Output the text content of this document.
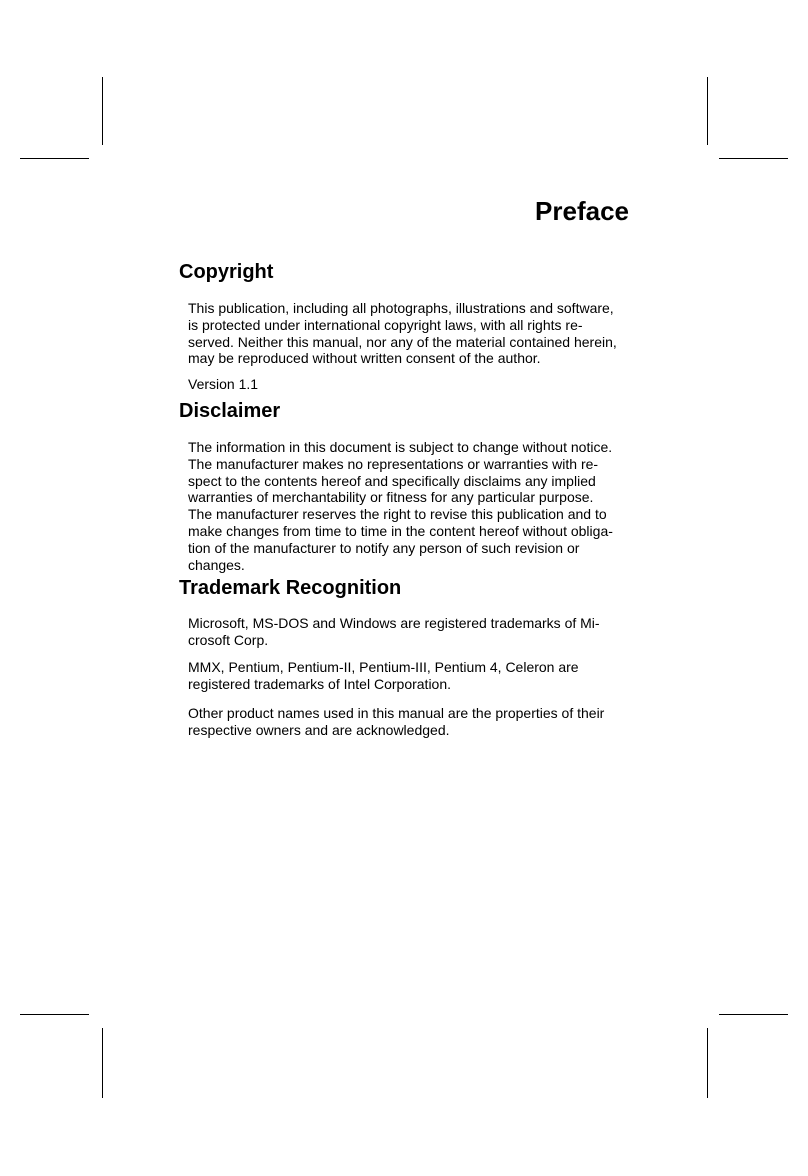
Preface
Copyright

This publication, including all photographs, illustrations and software,
is protected under international copyright laws, with all rights re-
served. Neither this manual, nor any of the material contained herein,
may be reproduced without written consent of the author.

Version 1.1

Disclaimer

The information in this document is subject to change without notice.
The manufacturer makes no representations or warranties with re-
spect to the contents hereof and specifically disclaims any implied
warranties of merchantability or fitness for any particular purpose.
The manufacturer reserves the right to revise this publication and to
make changes from time to time in the content hereof without obliga-
tion of the manufacturer to notify any person of such revision or
changes.

Trademark Recognition

Microsoft, MS-DOS and Windows are registered trademarks of Mi-
crosoft Corp.

MMX, Pentium, Pentium-II, Pentium-III, Pentium 4, Celeron are
registered trademarks of Intel Corporation.

Other product names used in this manual are the properties of their
respective owners and are acknowledged.
